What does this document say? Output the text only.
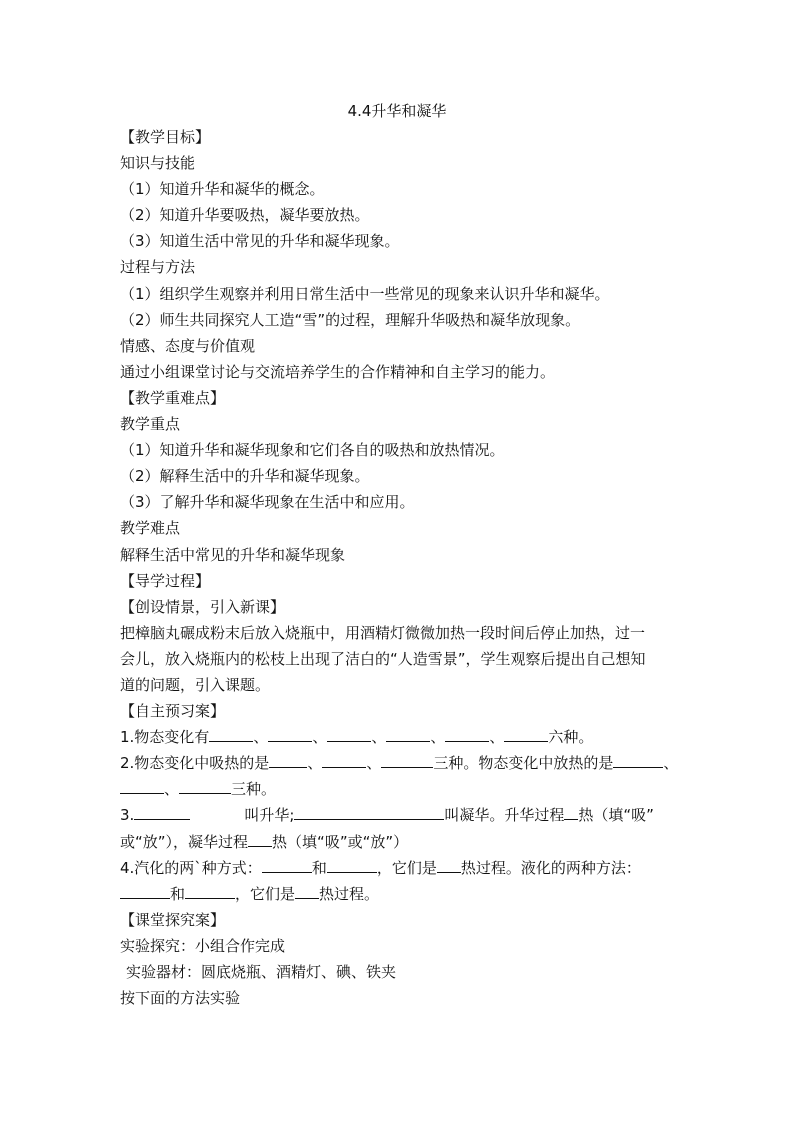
4.4升华和凝华
【教学目标】
知识与技能
（1）知道升华和凝华的概念。
（2）知道升华要吸热，凝华要放热。
（3）知道生活中常见的升华和凝华现象。
过程与方法
（1）组织学生观察并利用日常生活中一些常见的现象来认识升华和凝华。
（2）师生共同探究人工造“雪”的过程，理解升华吸热和凝华放现象。
情感、态度与价值观
通过小组课堂讨论与交流培养学生的合作精神和自主学习的能力。
【教学重难点】
教学重点
（1）知道升华和凝华现象和它们各自的吸热和放热情况。
（2）解释生活中的升华和凝华现象。
（3）了解升华和凝华现象在生活中和应用。
教学难点
解释生活中常见的升华和凝华现象
【导学过程】
【创设情景，引入新课】
把樟脑丸碾成粉末后放入烧瓶中，用酒精灯微微加热一段时间后停止加热，过一
会儿，放入烧瓶内的松枝上出现了洁白的“人造雪景”，学生观察后提出自己想知
道的问题，引入课题。
【自主预习案】
1.物态变化有	、	、	、	、	、	六种。
2.物态变化中吸热的是	、	、	三种。物态变化中放热的是	、
、	三种。
3.	叫升华;	叫凝华。升华过程 热（填“吸”
或“放”），凝华过程 热（填“吸”或“放”）
4.汽化的两`种方式：	和	，它们是 热过程。液化的两种方法：
和	，它们是 热过程。
【课堂探究案】
实验探究：小组合作完成
实验器材：圆底烧瓶、酒精灯、碘、铁夹
按下面的方法实验
